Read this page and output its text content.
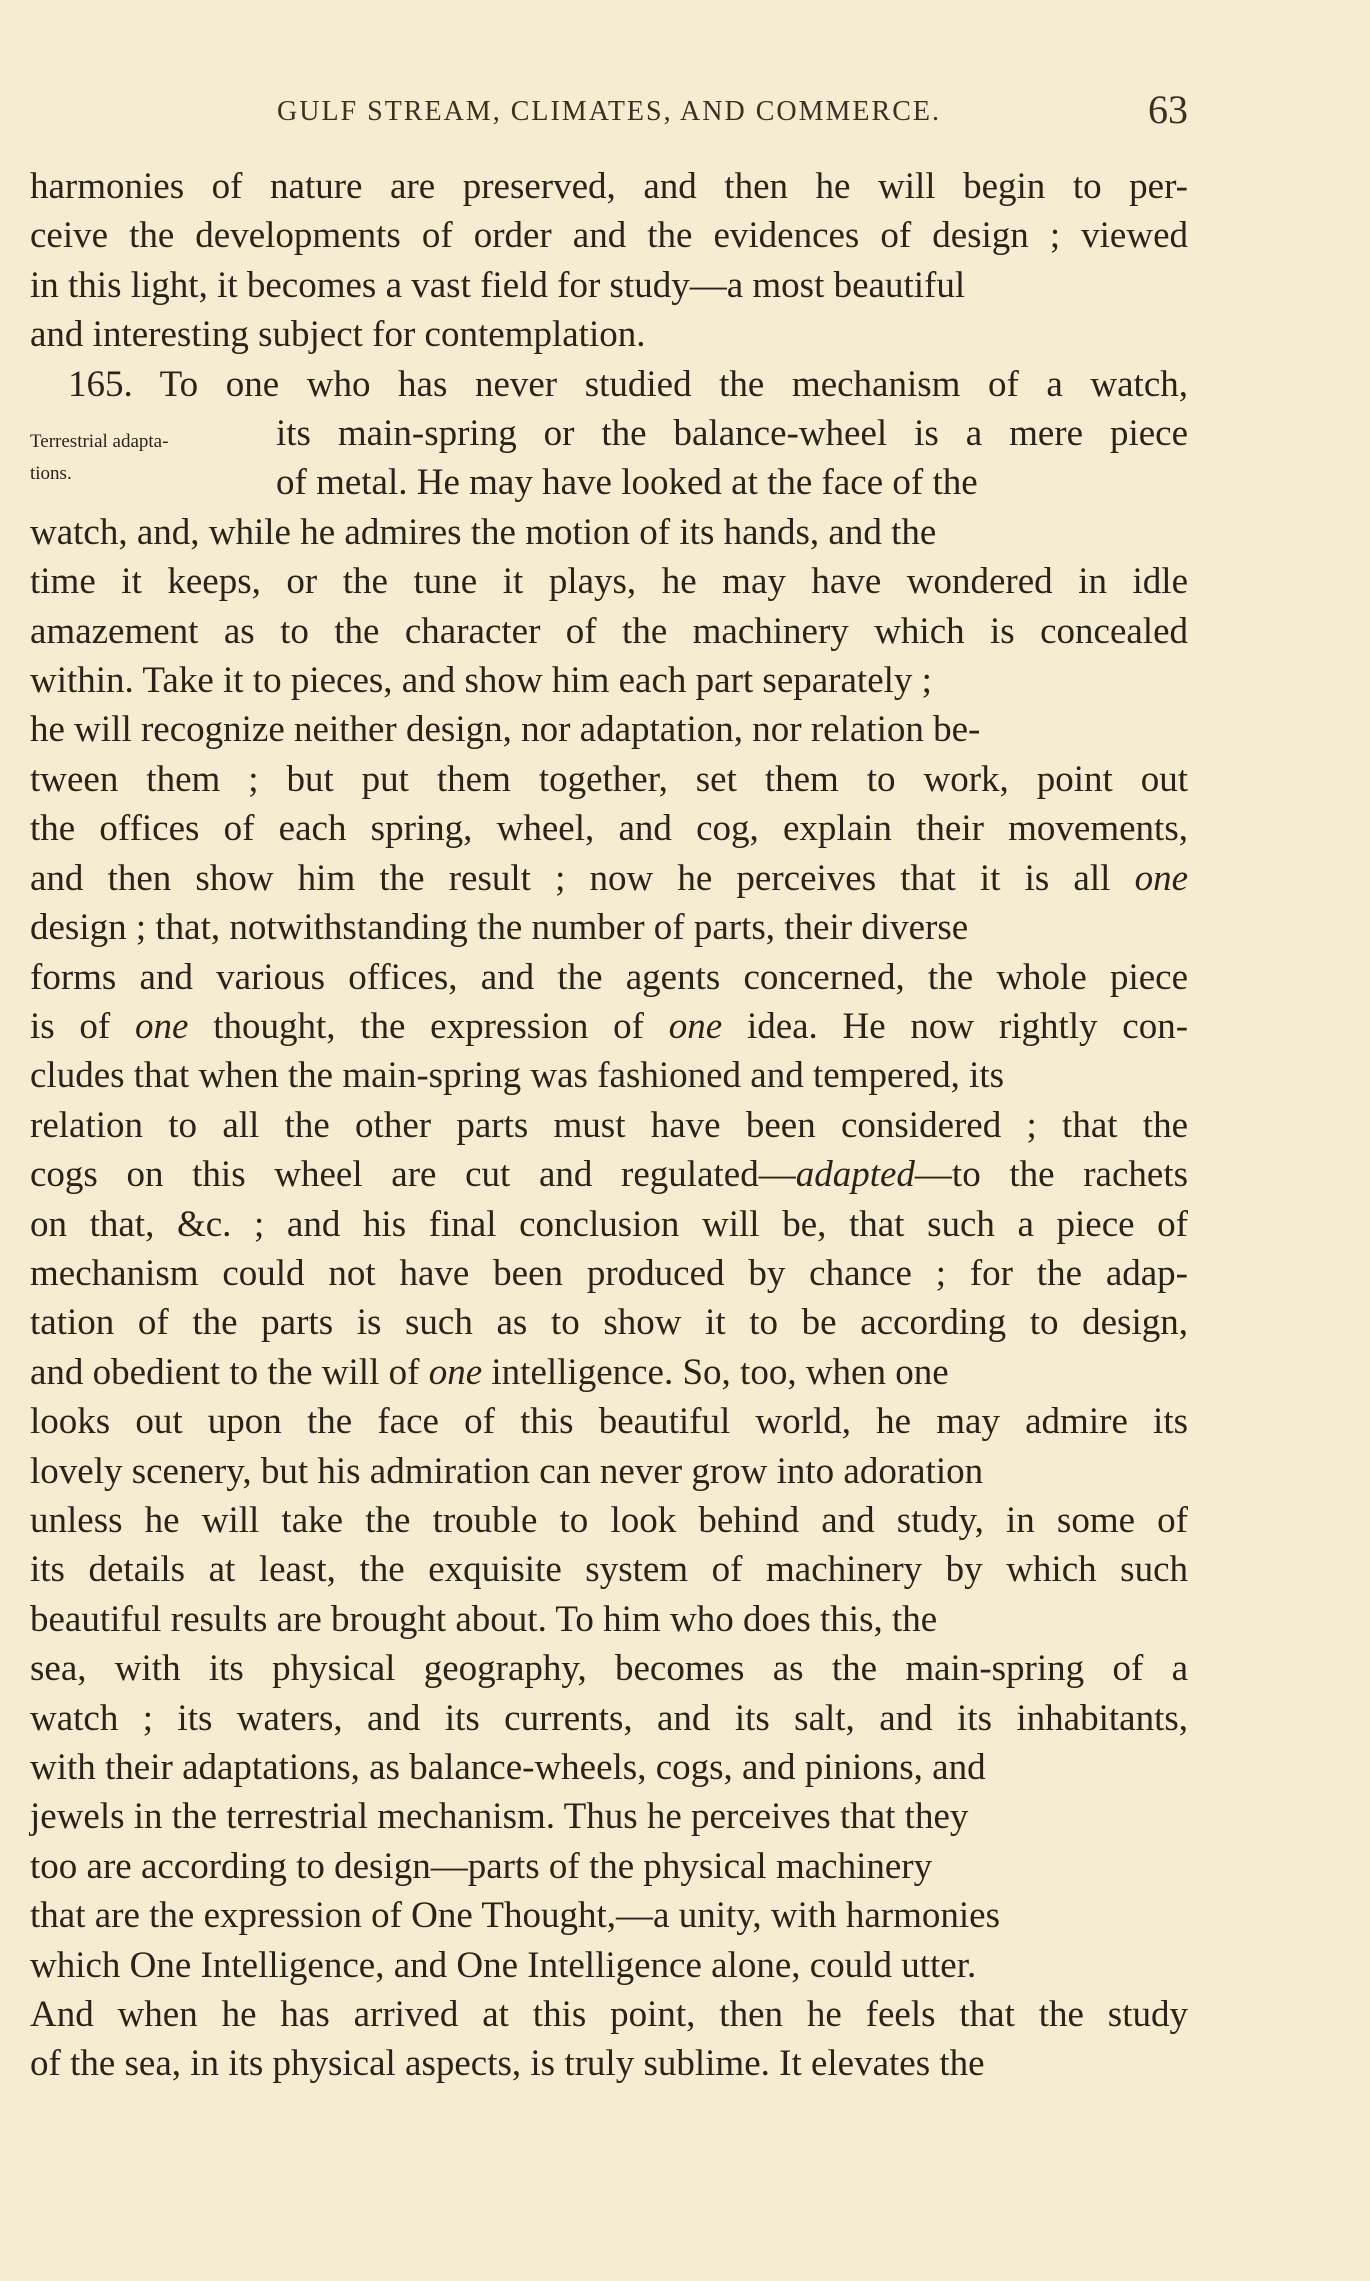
GULF STREAM, CLIMATES, AND COMMERCE.	63
Terrestrial adapta-
tions.
harmonies of nature are preserved, and then he will begin to per-
ceive the developments of order and the evidences of design ; viewed
in this light, it becomes a vast field for study—a most beautiful
and interesting subject for contemplation.
165. To one who has never studied the mechanism of a watch,
its main-spring or the balance-wheel is a mere piece
of metal. He may have looked at the face of the
watch, and, while he admires the motion of its hands, and the
time it keeps, or the tune it plays, he may have wondered in idle
amazement as to the character of the machinery which is concealed
within. Take it to pieces, and show him each part separately ;
he will recognize neither design, nor adaptation, nor relation be-
tween them ; but put them together, set them to work, point out
the offices of each spring, wheel, and cog, explain their movements,
and then show him the result ; now he perceives that it is all one
design ; that, notwithstanding the number of parts, their diverse
forms and various offices, and the agents concerned, the whole piece
is of one thought, the expression of one idea. He now rightly con-
cludes that when the main-spring was fashioned and tempered, its
relation to all the other parts must have been considered ; that the
cogs on this wheel are cut and regulated—adapted—to the rachets
on that, &c. ; and his final conclusion will be, that such a piece of
mechanism could not have been produced by chance ; for the adap-
tation of the parts is such as to show it to be according to design,
and obedient to the will of one intelligence. So, too, when one
looks out upon the face of this beautiful world, he may admire its
lovely scenery, but his admiration can never grow into adoration
unless he will take the trouble to look behind and study, in some of
its details at least, the exquisite system of machinery by which such
beautiful results are brought about. To him who does this, the
sea, with its physical geography, becomes as the main-spring of a
watch ; its waters, and its currents, and its salt, and its inhabitants,
with their adaptations, as balance-wheels, cogs, and pinions, and
jewels in the terrestrial mechanism. Thus he perceives that they
too are according to design—parts of the physical machinery
that are the expression of One Thought,—a unity, with harmonies
which One Intelligence, and One Intelligence alone, could utter.
And when he has arrived at this point, then he feels that the study
of the sea, in its physical aspects, is truly sublime. It elevates the
